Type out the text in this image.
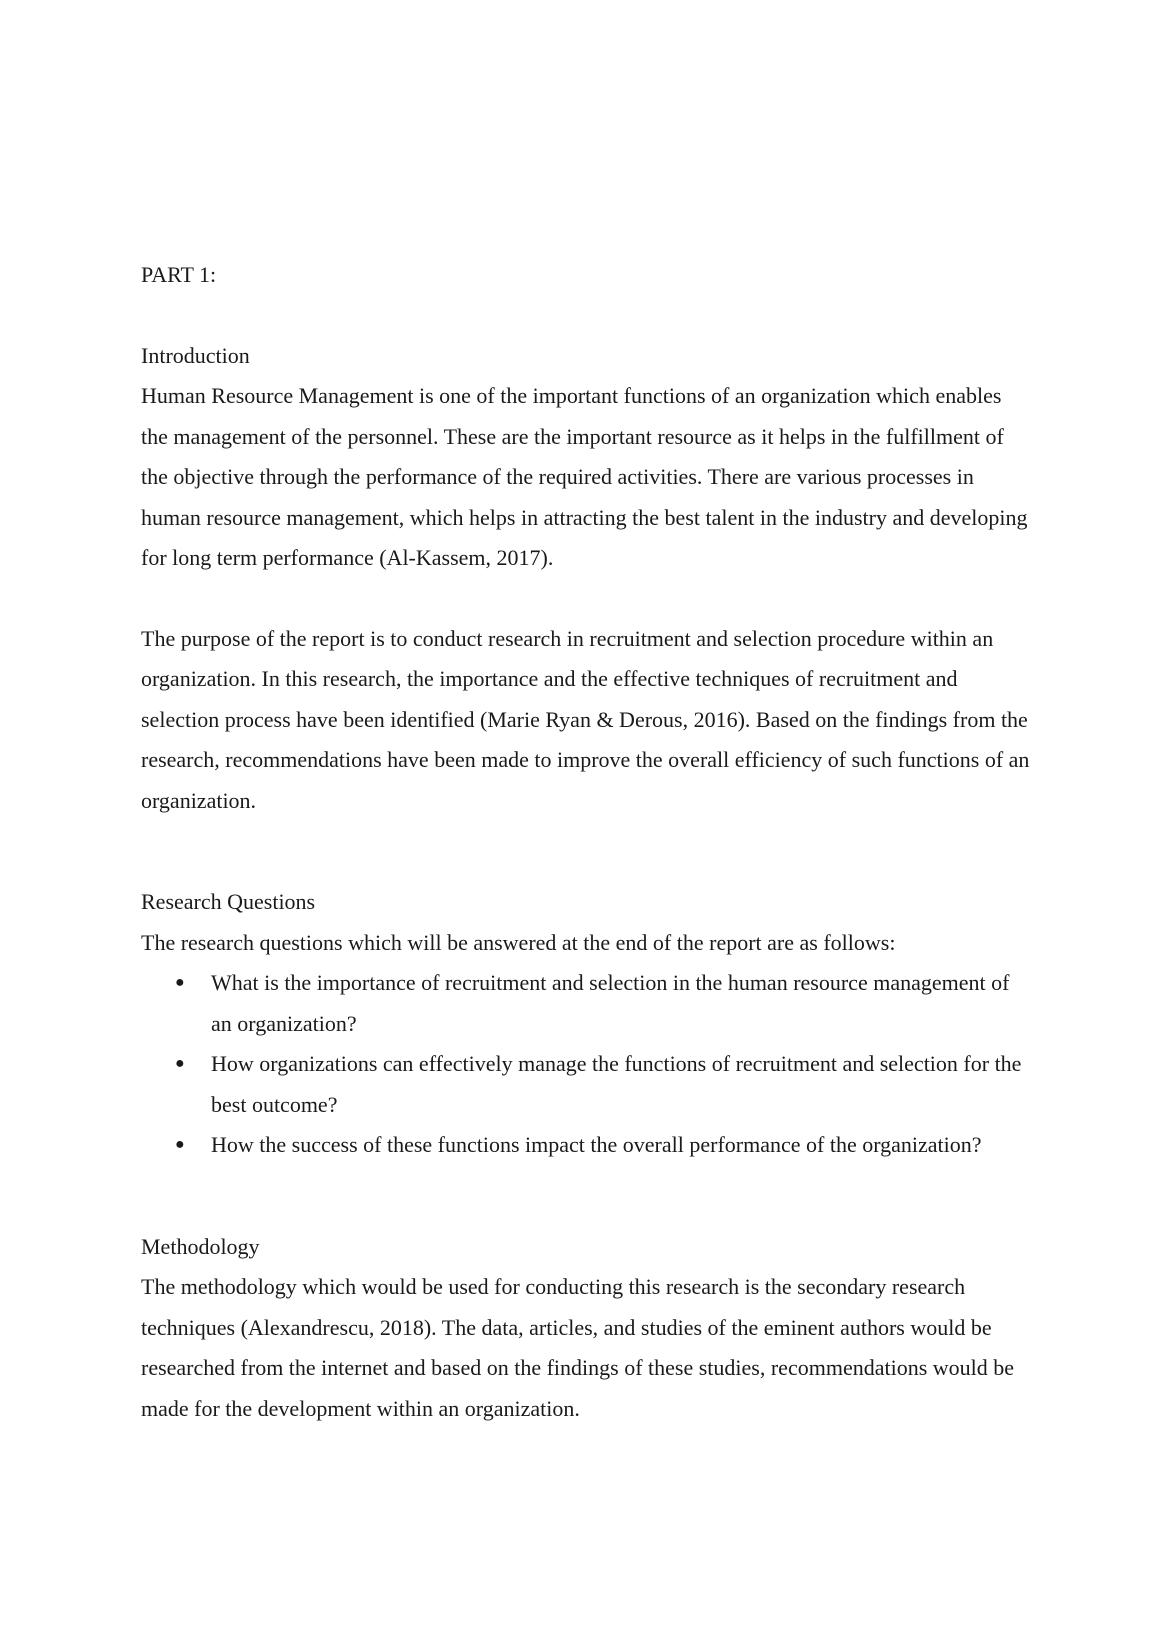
PART 1:
Introduction

Human Resource Management is one of the important functions of an organization which enables the management of the personnel. These are the important resource as it helps in the fulfillment of the objective through the performance of the required activities. There are various processes in human resource management, which helps in attracting the best talent in the industry and developing for long term performance (Al-Kassem, 2017).

The purpose of the report is to conduct research in recruitment and selection procedure within an organization. In this research, the importance and the effective techniques of recruitment and selection process have been identified (Marie Ryan & Derous, 2016). Based on the findings from the research, recommendations have been made to improve the overall efficiency of such functions of an organization.

Research Questions

The research questions which will be answered at the end of the report are as follows:

● What is the importance of recruitment and selection in the human resource management of an organization?
● How organizations can effectively manage the functions of recruitment and selection for the best outcome?
● How the success of these functions impact the overall performance of the organization?
Methodology

The methodology which would be used for conducting this research is the secondary research techniques (Alexandrescu, 2018). The data, articles, and studies of the eminent authors would be researched from the internet and based on the findings of these studies, recommendations would be made for the development within an organization.
